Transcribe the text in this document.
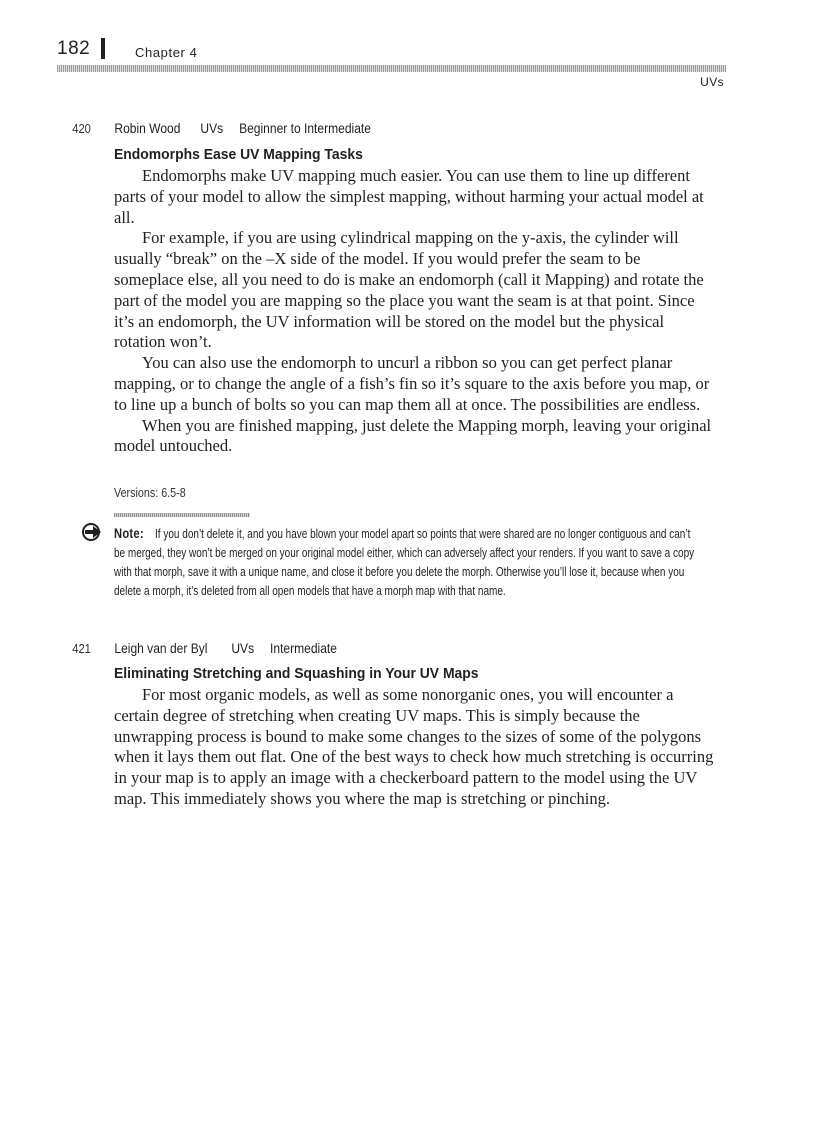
182	Chapter 4
UVs
420 Robin Wood UVs Beginner to Intermediate
Endomorphs Ease UV Mapping Tasks

Endomorphs make UV mapping much easier. You can use them to line up different parts of your model to allow the simplest mapping, without harming your actual model at all.

For example, if you are using cylindrical mapping on the y-axis, the cylinder will usually “break” on the –X side of the model. If you would prefer the seam to be someplace else, all you need to do is make an endomorph (call it Mapping) and rotate the part of the model you are mapping so the place you want the seam is at that point. Since it’s an endomorph, the UV information will be stored on the model but the physical rotation won’t.

You can also use the endomorph to uncurl a ribbon so you can get perfect planar mapping, or to change the angle of a fish’s fin so it’s square to the axis before you map, or to line up a bunch of bolts so you can map them all at once. The possibilities are endless.

When you are finished mapping, just delete the Mapping morph, leaving your original model untouched.

Versions: 6.5-8
Note: If you don’t delete it, and you have blown your model apart so points that were shared are no longer contiguous and can’t be merged, they won’t be merged on your original model either, which can adversely affect your renders. If you want to save a copy with that morph, save it with a unique name, and close it before you delete the morph. Otherwise you’ll lose it, because when you delete a morph, it’s deleted from all open models that have a morph map with that name.
421 Leigh van der Byl UVs Intermediate
Eliminating Stretching and Squashing in Your UV Maps

For most organic models, as well as some nonorganic ones, you will encounter a certain degree of stretching when creating UV maps. This is simply because the unwrapping process is bound to make some changes to the sizes of some of the polygons when it lays them out flat. One of the best ways to check how much stretching is occurring in your map is to apply an image with a checkerboard pattern to the model using the UV map. This immediately shows you where the map is stretching or pinching.
